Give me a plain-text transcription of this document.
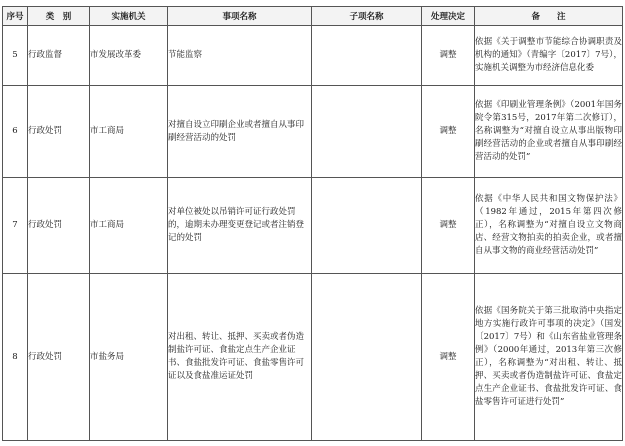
序号	类　别	实施机关	事项名称	子项名称	处理决定	备　　注
5	行政监督	市发展改革委	节能监察		调整	依据《关于调整市节能综合协调职责及机构的通知》（青编字〔2017〕7号），实施机关调整为市经济信息化委
6	行政处罚	市工商局	对擅自设立印刷企业或者擅自从事印刷经营活动的处罚		调整	依据《印刷业管理条例》（2001年国务院令第315号，2017年第二次修订），名称调整为“对擅自设立从事出版物印刷经营活动的企业或者擅自从事印刷经营活动的处罚”
7	行政处罚	市工商局	对单位被处以吊销许可证行政处罚的，逾期未办理变更登记或者注销登记的处罚		调整	依据《中华人民共和国文物保护法》（1982年通过，2015年第四次修正），名称调整为“对擅自设立文物商店、经营文物拍卖的拍卖企业，或者擅自从事文物的商业经营活动处罚”
8	行政处罚	市盐务局	对出租、转让、抵押、买卖或者伪造制盐许可证、食盐定点生产企业证书、食盐批发许可证、食盐零售许可证以及食盐准运证处罚		调整	依据《国务院关于第三批取消中央指定地方实施行政许可事项的决定》（国发〔2017〕7号）和《山东省盐业管理条例》（2000年通过，2013年第三次修正），名称调整为“对出租、转让、抵押、买卖或者伪造制盐许可证、食盐定点生产企业证书、食盐批发许可证、食盐零售许可证进行处罚”
